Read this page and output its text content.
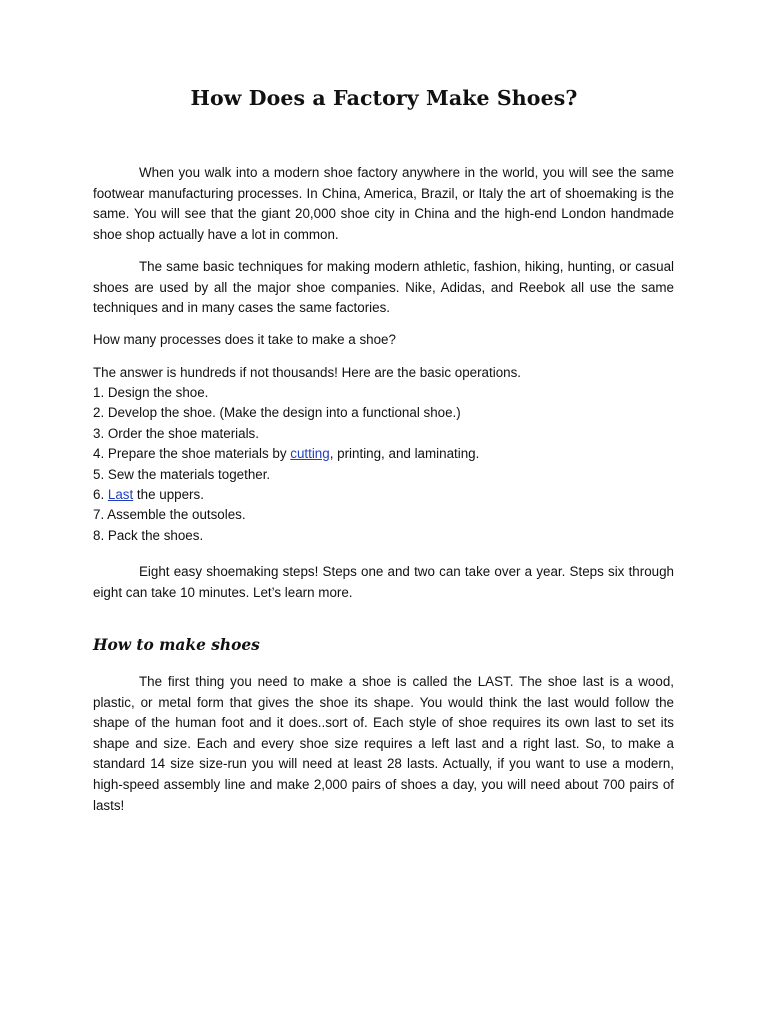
How Does a Factory Make Shoes?

When you walk into a modern shoe factory anywhere in the world, you will see the same footwear manufacturing processes. In China, America, Brazil, or Italy the art of shoemaking is the same. You will see that the giant 20,000 shoe city in China and the high-end London handmade shoe shop actually have a lot in common.

The same basic techniques for making modern athletic, fashion, hiking, hunting, or casual shoes are used by all the major shoe companies. Nike, Adidas, and Reebok all use the same techniques and in many cases the same factories.

How many processes does it take to make a shoe?

The answer is hundreds if not thousands! Here are the basic operations.

1. Design the shoe.
2. Develop the shoe. (Make the design into a functional shoe.)
3. Order the shoe materials.
4. Prepare the shoe materials by cutting, printing, and laminating.
5. Sew the materials together.
6. Last the uppers.
7. Assemble the outsoles.
8. Pack the shoes.

Eight easy shoemaking steps! Steps one and two can take over a year. Steps six through eight can take 10 minutes. Let’s learn more.

How to make shoes

The first thing you need to make a shoe is called the LAST. The shoe last is a wood, plastic, or metal form that gives the shoe its shape. You would think the last would follow the shape of the human foot and it does..sort of. Each style of shoe requires its own last to set its shape and size. Each and every shoe size requires a left last and a right last. So, to make a standard 14 size size-run you will need at least 28 lasts. Actually, if you want to use a modern, high-speed assembly line and make 2,000 pairs of shoes a day, you will need about 700 pairs of lasts!
